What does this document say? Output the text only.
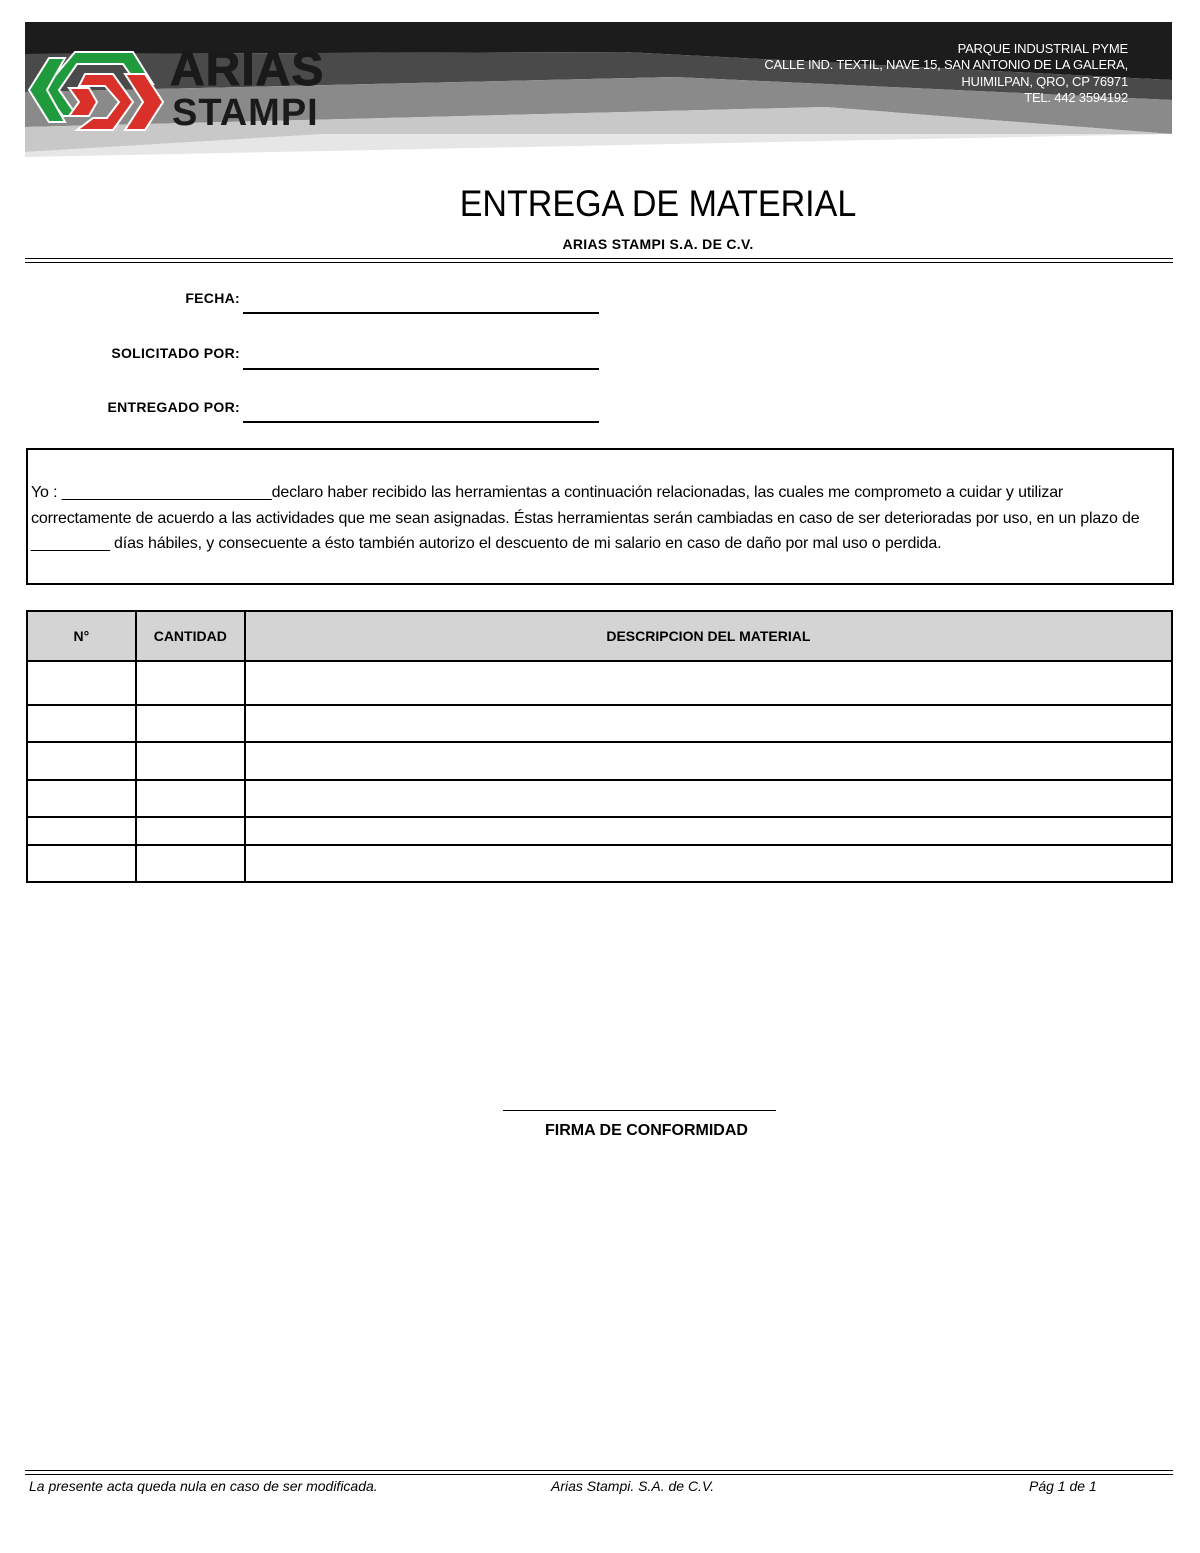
ARIAS
STAMPI
PARQUE INDUSTRIAL PYME
CALLE IND. TEXTIL, NAVE 15, SAN ANTONIO DE LA GALERA,
HUIMILPAN, QRO, CP 76971
TEL. 442 3594192
ENTREGA DE MATERIAL
ARIAS STAMPI S.A. DE C.V.
FECHA:
SOLICITADO POR:
ENTREGADO POR:
Yo : ________________________declaro haber recibido las herramientas a continuación relacionadas, las cuales me comprometo a cuidar y utilizar correctamente de acuerdo a las actividades que me sean asignadas. Éstas herramientas serán cambiadas en caso de ser deterioradas por uso, en un plazo de _________ días hábiles, y consecuente a ésto también autorizo el descuento de mi salario en caso de daño por mal uso o perdida.
N°	CANTIDAD	DESCRIPCION DEL MATERIAL

FIRMA DE CONFORMIDAD
La presente acta queda nula en caso de ser modificada.	Arias Stampi. S.A. de C.V.	Pág 1 de 1
